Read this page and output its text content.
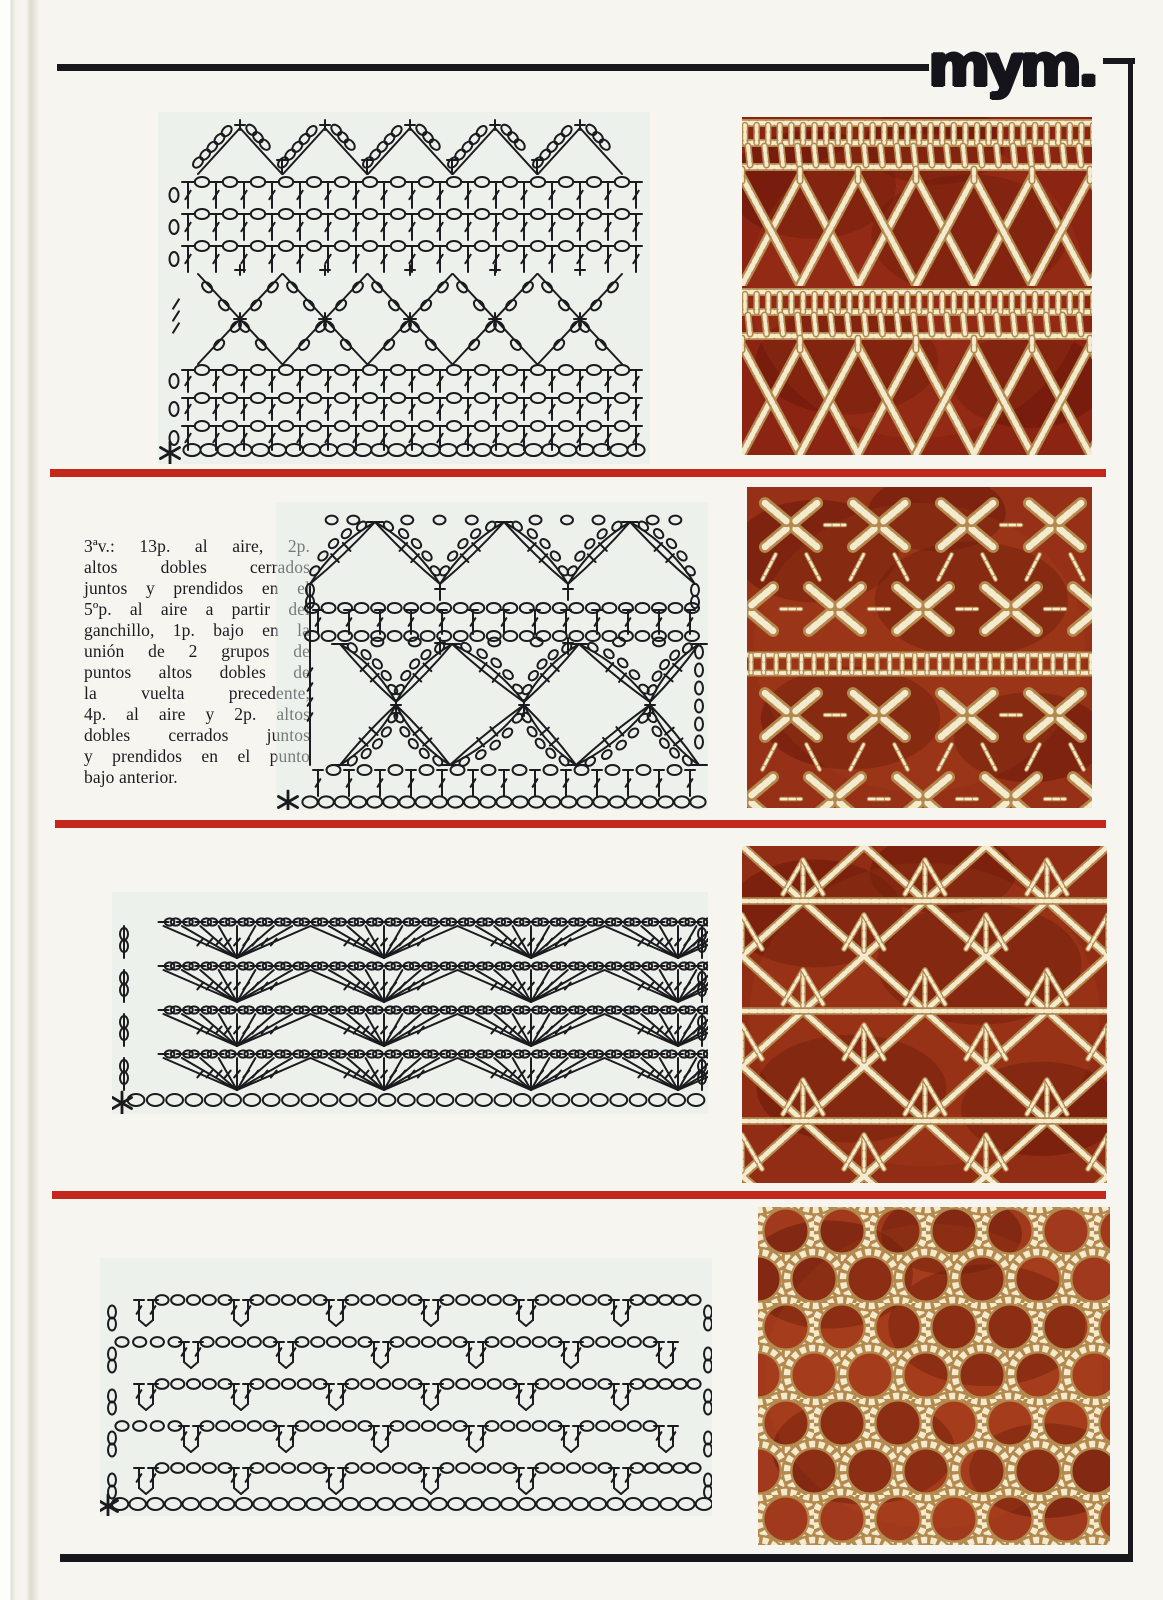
mym.
3ªv.: 13p. al aire, 2p.
altos dobles cerrados
juntos y prendidos en el
5ºp. al aire a partir del
ganchillo, 1p. bajo en la
unión de 2 grupos de
puntos altos dobles de
la vuelta precedente,
4p. al aire y 2p. altos
dobles cerrados juntos
y prendidos en el punto
bajo anterior.
